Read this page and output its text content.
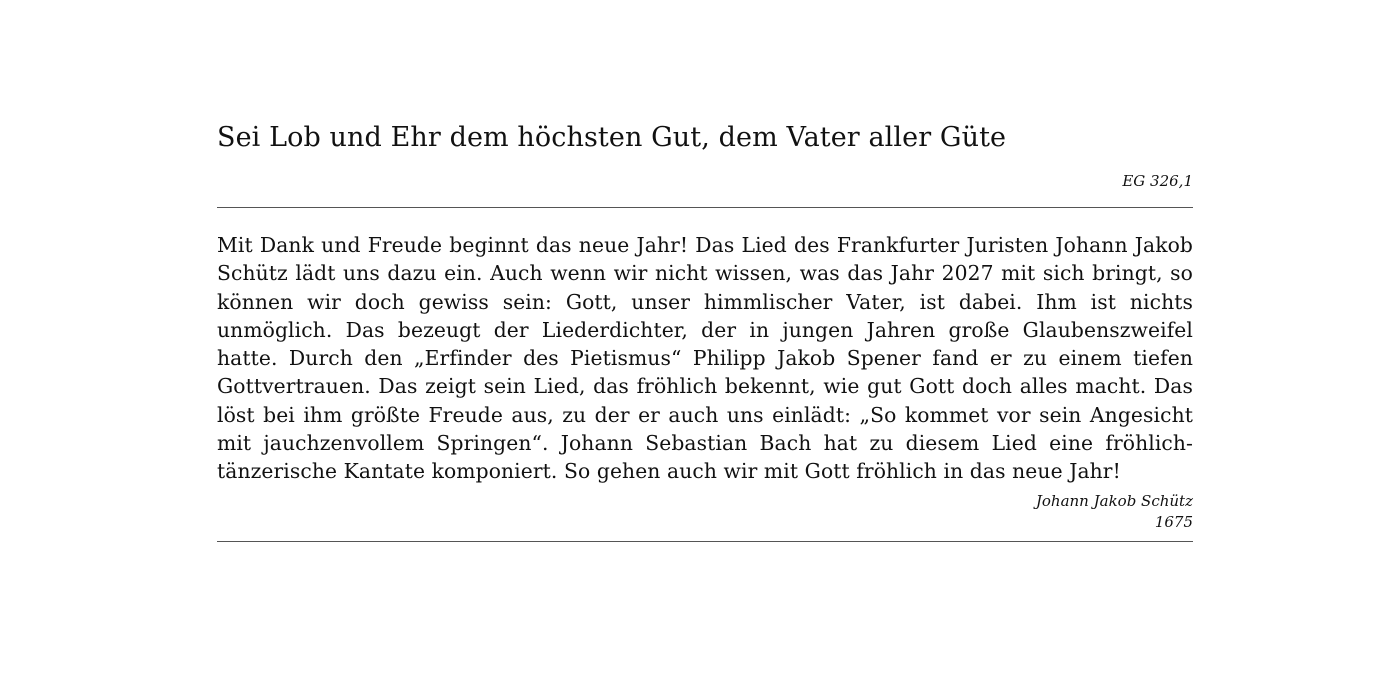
Sei Lob und Ehr dem höchsten Gut, dem Vater aller Güte
EG 326,1

Mit Dank und Freude beginnt das neue Jahr! Das Lied des Frankfurter Juristen Johann Jakob Schütz lädt uns dazu ein. Auch wenn wir nicht wissen, was das Jahr 2027 mit sich bringt, so können wir doch gewiss sein: Gott, unser himmlischer Vater, ist dabei. Ihm ist nichts unmöglich. Das bezeugt der Liederdichter, der in jungen Jahren große Glaubenszweifel hatte. Durch den „Erfinder des Pietismus“ Philipp Jakob Spener fand er zu einem tiefen Gottvertrauen. Das zeigt sein Lied, das fröhlich bekennt, wie gut Gott doch alles macht. Das löst bei ihm größte Freude aus, zu der er auch uns einlädt: „So kommet vor sein Angesicht mit jauchzenvollem Springen“. Johann Sebastian Bach hat zu diesem Lied eine fröhlich-tänzerische Kantate komponiert. So gehen auch wir mit Gott fröhlich in das neue Jahr!

Johann Jakob Schütz
1675
